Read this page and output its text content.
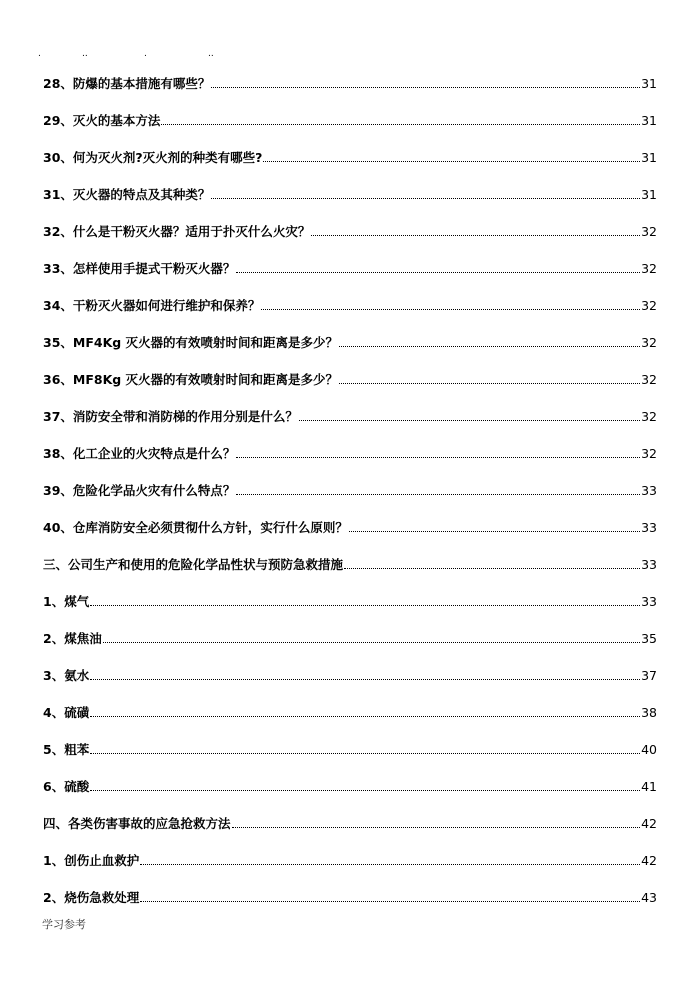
.	..	.	..
28、防爆的基本措施有哪些？	31
29、灭火的基本方法	31
30、何为灭火剂?灭火剂的种类有哪些?	31
31、灭火器的特点及其种类？	31
32、什么是干粉灭火器？适用于扑灭什么火灾？	32
33、怎样使用手提式干粉灭火器？	32
34、干粉灭火器如何进行维护和保养？	32
35、MF4Kg 灭火器的有效喷射时间和距离是多少？	32
36、MF8Kg 灭火器的有效喷射时间和距离是多少？	32
37、消防安全带和消防梯的作用分别是什么？	32
38、化工企业的火灾特点是什么？	32
39、危险化学品火灾有什么特点？	33
40、仓库消防安全必须贯彻什么方针，实行什么原则？	33
三、公司生产和使用的危险化学品性状与预防急救措施	33
1、煤气	33
2、煤焦油	35
3、氨水	37
4、硫磺	38
5、粗苯	40
6、硫酸	41
四、各类伤害事故的应急抢救方法	42
1、创伤止血救护	42
2、烧伤急救处理	43
学习参考
